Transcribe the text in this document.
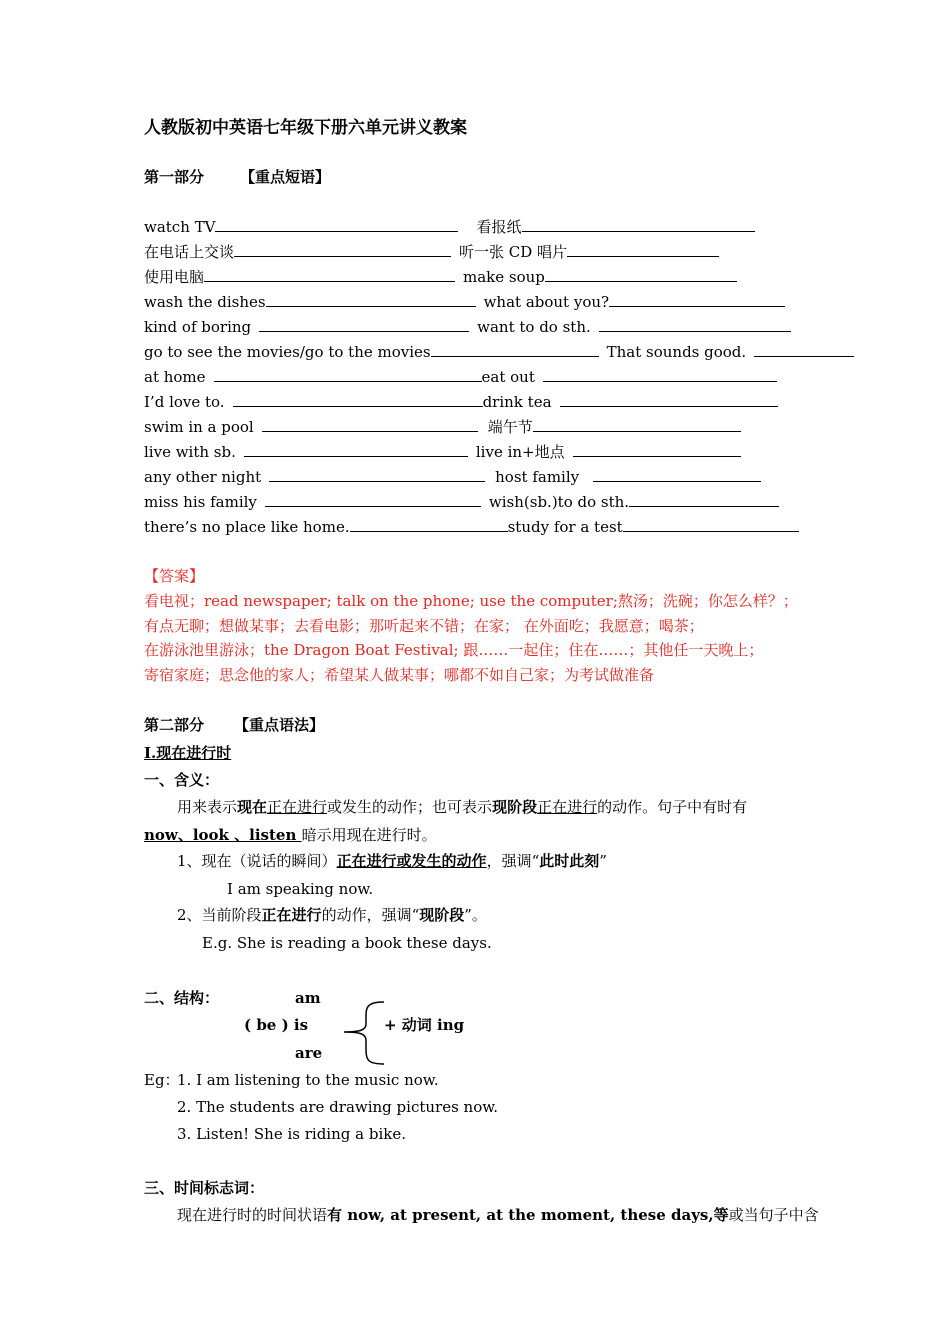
人教版初中英语七年级下册六单元讲义教案
第一部分 【重点短语】
watch TV	看报纸
在电话上交谈	听一张 CD 唱片
使用电脑	make soup
wash the dishes	what about you?
kind of boring	want to do sth.
go to see the movies/go to the movies	That sounds good.
at home	eat out
I’d love to.	drink tea
swim in a pool	端午节
live with sb.	live in+地点
any other night	host family
miss his family	wish(sb.)to do sth.
there’s no place like home.	study for a test
【答案】
看电视；read newspaper; talk on the phone; use the computer;熬汤；洗碗；你怎么样？；
有点无聊；想做某事；去看电影；那听起来不错；在家； 在外面吃；我愿意；喝茶；
在游泳池里游泳；the Dragon Boat Festival; 跟……一起住；住在……；其他任一天晚上；
寄宿家庭；思念他的家人；希望某人做某事；哪都不如自己家；为考试做准备
第二部分 【重点语法】
I.现在进行时
一、含义：
用来表示现在正在进行或发生的动作；也可表示现阶段正在进行的动作。句子中有时有
now、look 、listen 暗示用现在进行时。
1、现在（说话的瞬间）正在进行或发生的动作，强调“此时此刻”
I am speaking now.
2、当前阶段正在进行的动作，强调“现阶段”。
E.g. She is reading a book these days.
二、结构：	am
( be ) is
are
+ 动词 ing
Eg：
1. I am listening to the music now.
2. The students are drawing pictures now.
3. Listen! She is riding a bike.
三、时间标志词：
现在进行时的时间状语有 now, at present, at the moment, these days,等或当句子中含
